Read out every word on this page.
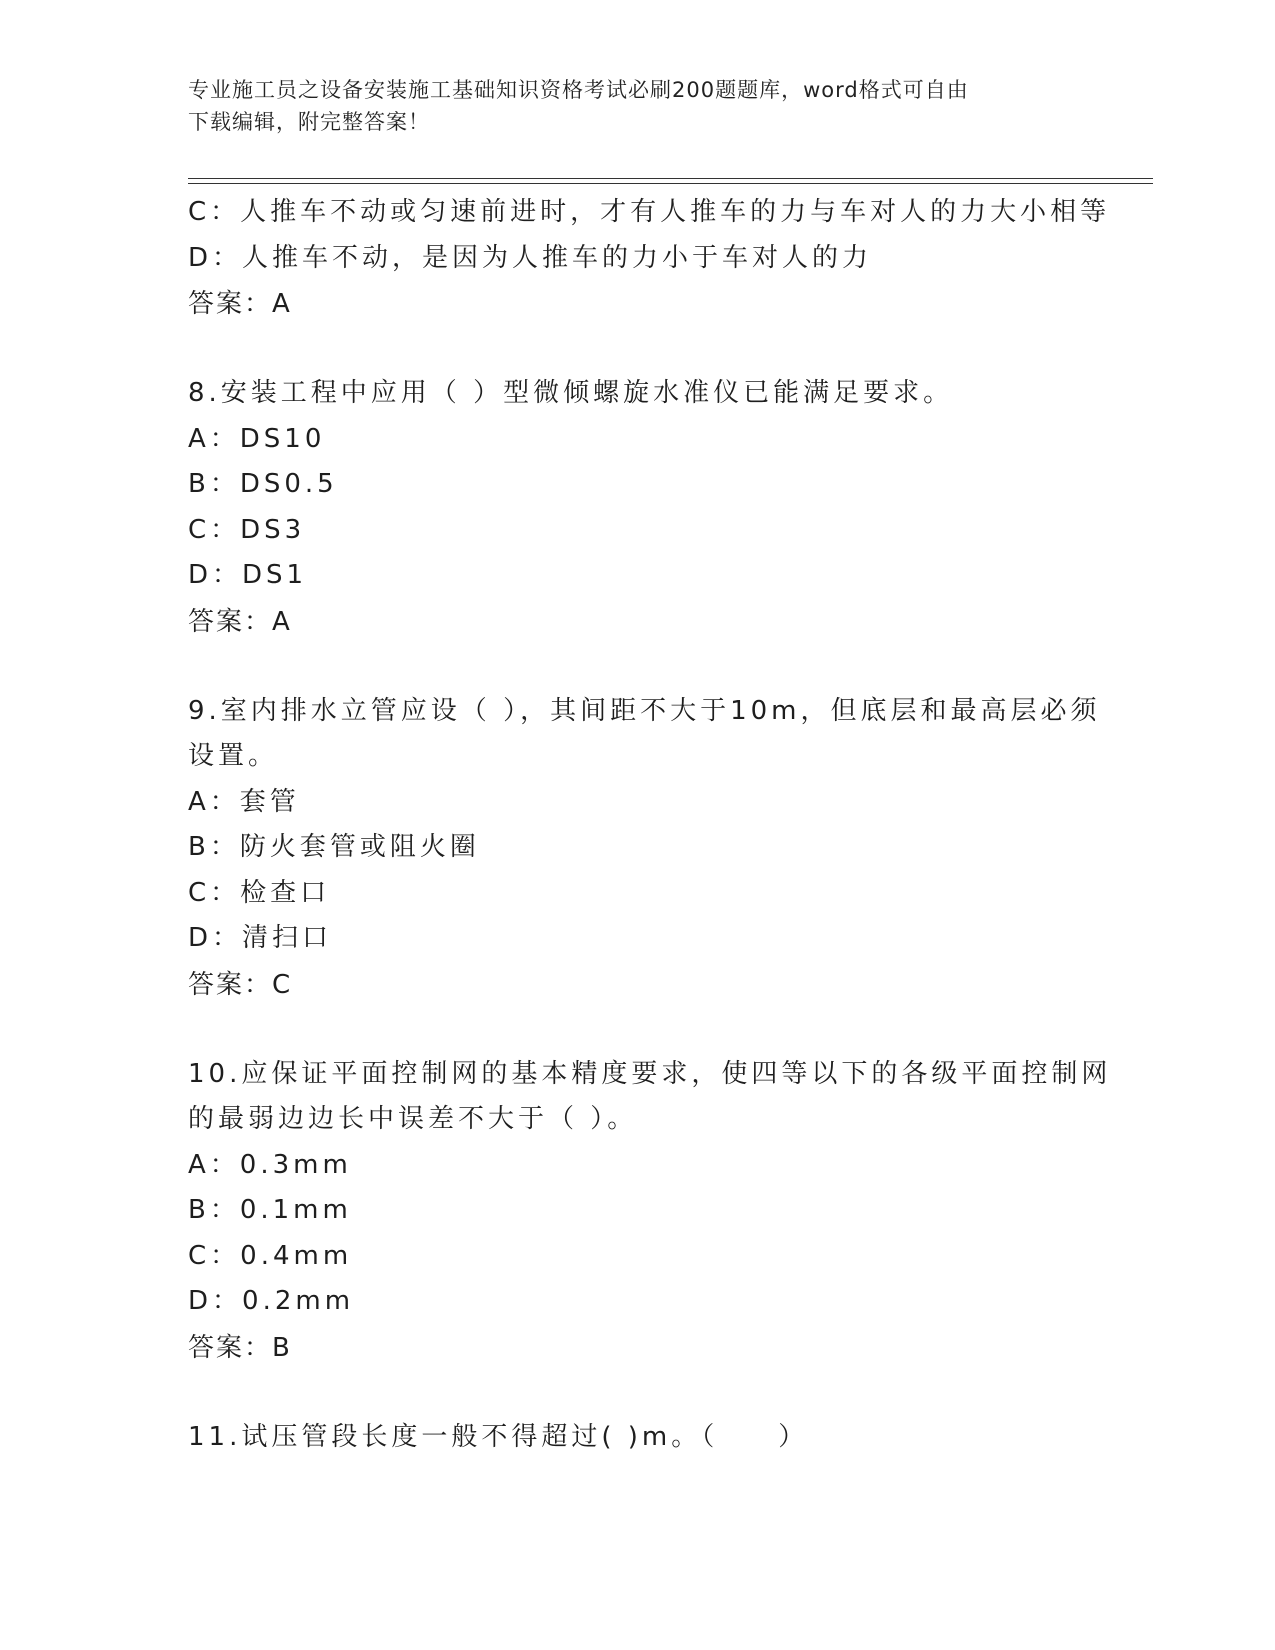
专业施工员之设备安装施工基础知识资格考试必刷200题题库，word格式可自由
下载编辑，附完整答案！
C：人推车不动或匀速前进时，才有人推车的力与车对人的力大小相等
D：人推车不动，是因为人推车的力小于车对人的力
答案：A
8.安装工程中应用（ ）型微倾螺旋水准仪已能满足要求。
A：DS10
B：DS0.5
C：DS3
D：DS1
答案：A
9.室内排水立管应设（ ），其间距不大于10m，但底层和最高层必须
设置。
A：套管
B：防火套管或阻火圈
C：检查口
D：清扫口
答案：C
10.应保证平面控制网的基本精度要求，使四等以下的各级平面控制网
的最弱边边长中误差不大于（ ）。
A：0.3mm
B：0.1mm
C：0.4mm
D：0.2mm
答案：B
11.试压管段长度一般不得超过( )m。（　　）
